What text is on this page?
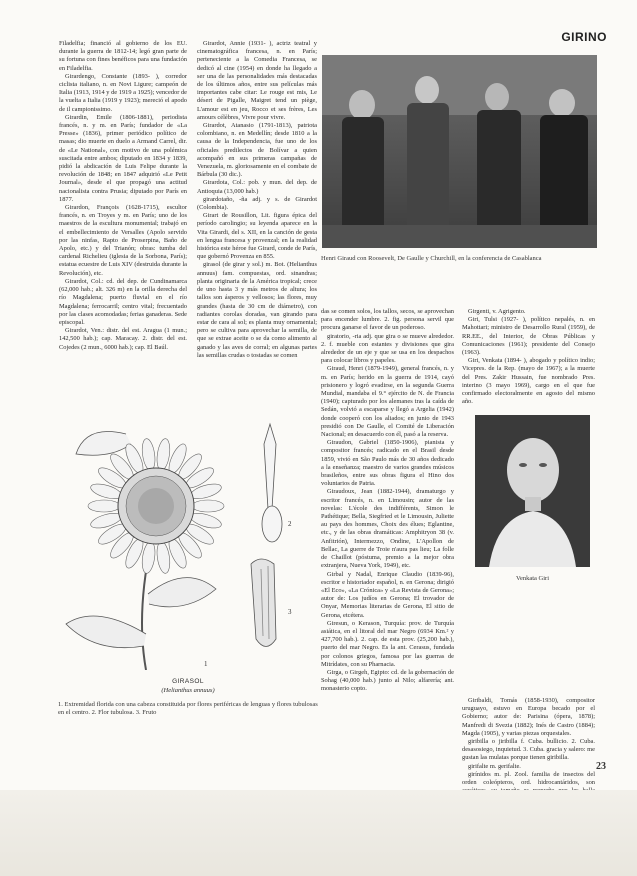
GIRINO

Filadelfia; financió al gobierno de los EU. durante la guerra de 1812-14; legó gran parte de su fortuna con fines benéficos para una fundación en Filadelfia.

Girardengo, Constante (1893- ), corredor ciclista italiano, n. en Novi Ligure; campeón de Italia (1913, 1914 y de 1919 a 1925); vencedor de la vuelta a Italia (1919 y 1923); mereció el apodo de il campionissimo.

Girardin, Emile (1806-1881), periodista francés, n. y m. en París; fundador de «La Presse» (1836), primer periódico político de masas; dio muerte en duelo a Armand Carrel, dir. de «Le National», con motivo de una polémica suscitada entre ambos; diputado en 1834 y 1839, pidió la abdicación de Luis Felipe durante la revolución de 1848; en 1847 adquirió «Le Petit Journal», desde el que propagó una actitud nacionalista contra Prusia; diputado por París en 1877.

Girardon, François (1628-1715), escultor francés, n. en Troyes y m. en París; uno de los maestros de la escultura monumental; trabajó en el embellecimiento de Versalles (Apolo servido por las ninfas, Rapto de Proserpina, Baño de Apolo, etc.) y del Trianón; obras: tumba del cardenal Richelieu (iglesia de la Sorbona, París); estatua ecuestre de Luis XIV (destruida durante la Revolución), etc.

Girardot, Col.: cd. del dep. de Cundinamarca (62,000 hab.; alt. 326 m) en la orilla derecha del río Magdalena; puerto fluvial en el río Magdalena; ferrocarril; centro vital; frecuentado por las clases acomodadas; ferias ganaderas. Sede episcopal.

Girardot, Ven.: distr. del est. Aragua (1 mun.; 142,500 hab.); cap. Maracay. 2. distr. del est. Cojedes (2 mun., 6000 hab.); cap. El Baúl.

Girardot, Annie (1931- ), actriz teatral y cinematográfica francesa, n. en París; perteneciente a la Comedia Francesa, se dedicó al cine (1954) en donde ha llegado a ser una de las personalidades más destacadas de los últimos años, entre sus películas más importantes cabe citar: Le rouge est mis, Le désert de Pigalle, Maigret tend un piège, L'amour est en jeu, Rocco et ses frères, Les amours célèbres, Vivre pour vivre.

Girardot, Atanasio (1791-1813), patriota colombiano, n. en Medellín; desde 1810 a la causa de la Independencia, fue uno de los oficiales predilectos de Bolívar a quien acompañó en sus primeras campañas de Venezuela, m. gloriosamente en el combate de Bárbula (30 dic.).

Girardota, Col.: pob. y mun. del dep. de Antioquia (13,000 hab.)

girardotaño, -ña adj. y s. de Girardot (Colombia).

Girart de Rousillon, Lit. figura épica del período carolingio; su leyenda aparece en la Vita Girardi, del s. XII, en la canción de gesta en lengua francesa y provenzal; en la realidad histórica este héroe fue Girard, conde de París, que gobernó Provenza en 855.

girasol (de girar y sol.) m. Bot. (Helianthus annuus) fam. compuestas, ord. sinandras; planta originaria de la América tropical; crece de uno hasta 3 y más metros de altura; los tallos son ásperos y vellosos; las flores, muy grandes (hasta de 30 cm de diámetro), con radiantes corolas doradas, van girando para estar de cara al sol; es planta muy ornamental; pero se cultiva para aprovechar la semilla, de que se extrae aceite o se da como alimento al ganado y las aves de corral; en algunas partes las semillas crudas o tostadas se comen

Henri Giraud con Roosevelt, De Gaulle y Churchill, en la conferencia de Casablanca

das se comen solos, los tallos, secos, se aprovechan para encender lumbre. 2. fig. persona servil que procura ganarse el favor de un poderoso.

giratorio, -ria adj. que gira o se mueve alrededor. 2. f. mueble con estantes y divisiones que gira alrededor de un eje y que se usa en los despachos para colocar libros y papeles.

Giraud, Henri (1879-1949), general francés, n. y m. en París; herido en la guerra de 1914, cayó prisionero y logró evadirse, en la segunda Guerra Mundial, mandaba el 9.° ejército de N. de Francia (1940); capturado por los alemanes tras la caída de Sedán, volvió a escaparse y llegó a Argelia (1942) donde cooperó con los aliados; en junio de 1943 presidió con De Gaulle, el Comité de Liberación Nacional; en desacuerdo con él, pasó a la reserva.

Giraudon, Gabriel (1850-1906), pianista y compositor francés; radicado en el Brasil desde 1859, vivió en São Paulo más de 30 años dedicado a la enseñanza; maestro de varios grandes músicos brasileños, entre sus obras figura el Hino dos voluntarios de Patria.

Giraudoux, Jean (1882-1944), dramaturgo y escritor francés, n. en Limousin; autor de las novelas: L'école des indifférents, Simon le Pathétique; Bella, Siegfried et le Limousin, Juliette au pays des hommes, Choix des élues; Eglantine, etc., y de las obras dramáticas: Amphitryon 38 (v. Anfitrión), Intermezzo, Ondine, L'Apollon de Bellac, La guerre de Troie n'aura pas lieu; La folle de Chaillot (póstuma, premio a la mejor obra extranjera, Nueva York, 1949), etc.

Girbal y Nadal, Enrique Claudio (1839-96), escritor e historiador español, n. en Gerona; dirigió «El Eco», «La Crónica» y «La Revista de Gerona»; autor de: Los judíos en Gerona; El trovador de Onyar, Memorias literarias de Gerona, El sitio de Gerona, etcétera.

Giresun, o Kerason, Turquía: prov. de Turquía asiática, en el litoral del mar Negro (6934 Km.² y 427,700 hab.). 2. cap. de esta prov. (25,200 hab.), puerto del mar Negro. Es la ant. Cerasus, fundada por colonos griegos, famosa por las guerras de Mitrídates, con su Pharnacia.

Girga, o Girgeh, Egipto: cd. de la gobernación de Sohag (40,000 hab.) junto al Nilo; alfarería; ant. monasterio copto.

Girgenti, v. Agrigento.

Giri, Tulsi (1927- ), político nepalés, n. en Mahottari; ministro de Desarrollo Rural (1959), de RR.EE., del Interior, de Obras Públicas y Comunicaciones (1961); presidente del Consejo (1963).

Giri, Venkata (1894- ), abogado y político indio; Vicepres. de la Rep. (mayo de 1967); a la muerte del Pres. Zakir Hussain, fue nombrado Pres. interino (3 mayo 1969), cargo en el que fue confirmado electoralmente en agosto del mismo año.

Venkata Giri

Giribaldi, Tomás (1858-1930), compositor uruguayo, estuvo en Europa becado por el Gobierno; autor de: Parisina (ópera, 1878); Manfredi di Svezia (1882); Inés de Castro (1884); Magda (1905), y varias piezas orquestales.

giribilla o jiribilla f. Cuba. bullicio. 2. Cuba. desasosiego, inquietud. 3. Cuba. gracia y salero: me gustan las mulatas porque tienen giribilla.

girifalte m. gerifalte.

girínidos m. pl. Zool. familia de insectos del orden coleópteros, ord. hidrocantáridos, son

1
2
3
GIRASOL
(Helianthus annuus)
1. Extremidad florida con una cabeza constituida por flores periféricas de lenguas y flores tubulosas en el centro. 2. Flor tubulosa. 3. Fruto
23
